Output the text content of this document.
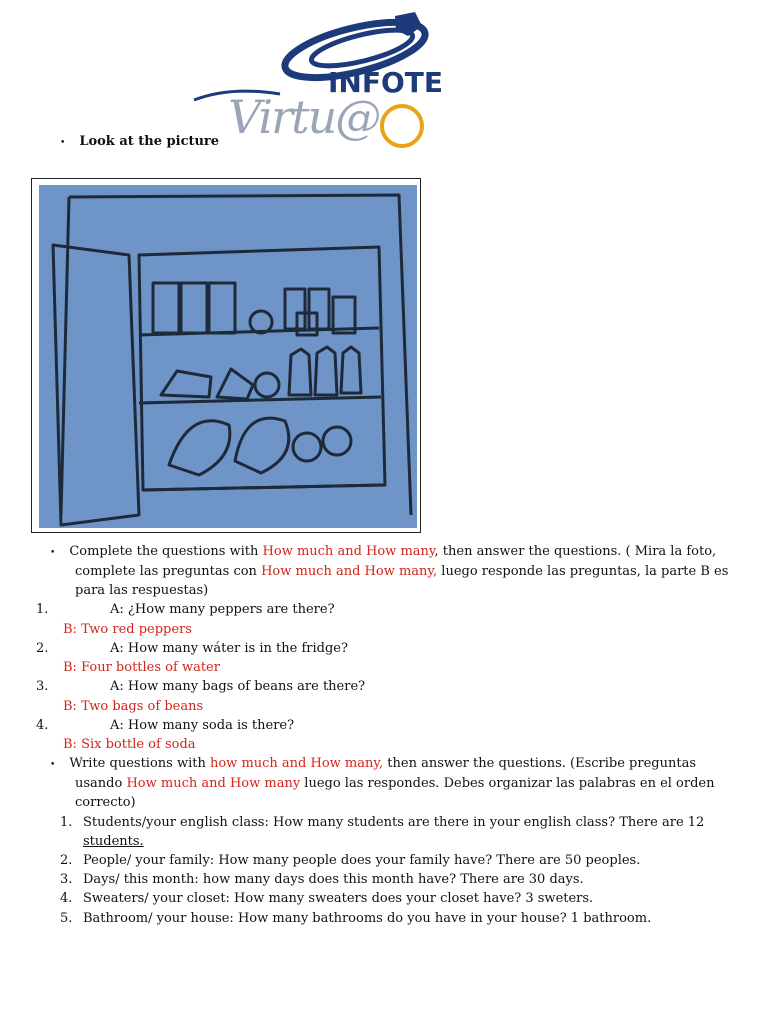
INFOTE
Virtu@
• Look at the picture
• Complete the questions with How much and How many, then answer the questions. ( Mira la foto,
complete las preguntas con How much and How many, luego responde las preguntas, la parte B es
para las respuestas)
1.	A: ¿How many peppers are there?
B: Two red peppers
2.	A: How many wáter is in the fridge?
B: Four bottles of water
3.	A: How many bags of beans are there?
B: Two bags of beans
4.	A: How many soda is there?
B: Six bottle of soda
• Write questions with how much and How many, then answer the questions. (Escribe preguntas
usando How much and How many luego las respondes. Debes organizar las palabras en el orden
correcto)
1. Students/your english class: How many students are there in your english class? There are 12
students.
2. People/ your family: How many people does your family have? There are 50 peoples.
3. Days/ this month: how many days does this month have? There are 30 days.
4. Sweaters/ your closet: How many sweaters does your closet have? 3 sweters.
5. Bathroom/ your house: How many bathrooms do you have in your house? 1 bathroom.
